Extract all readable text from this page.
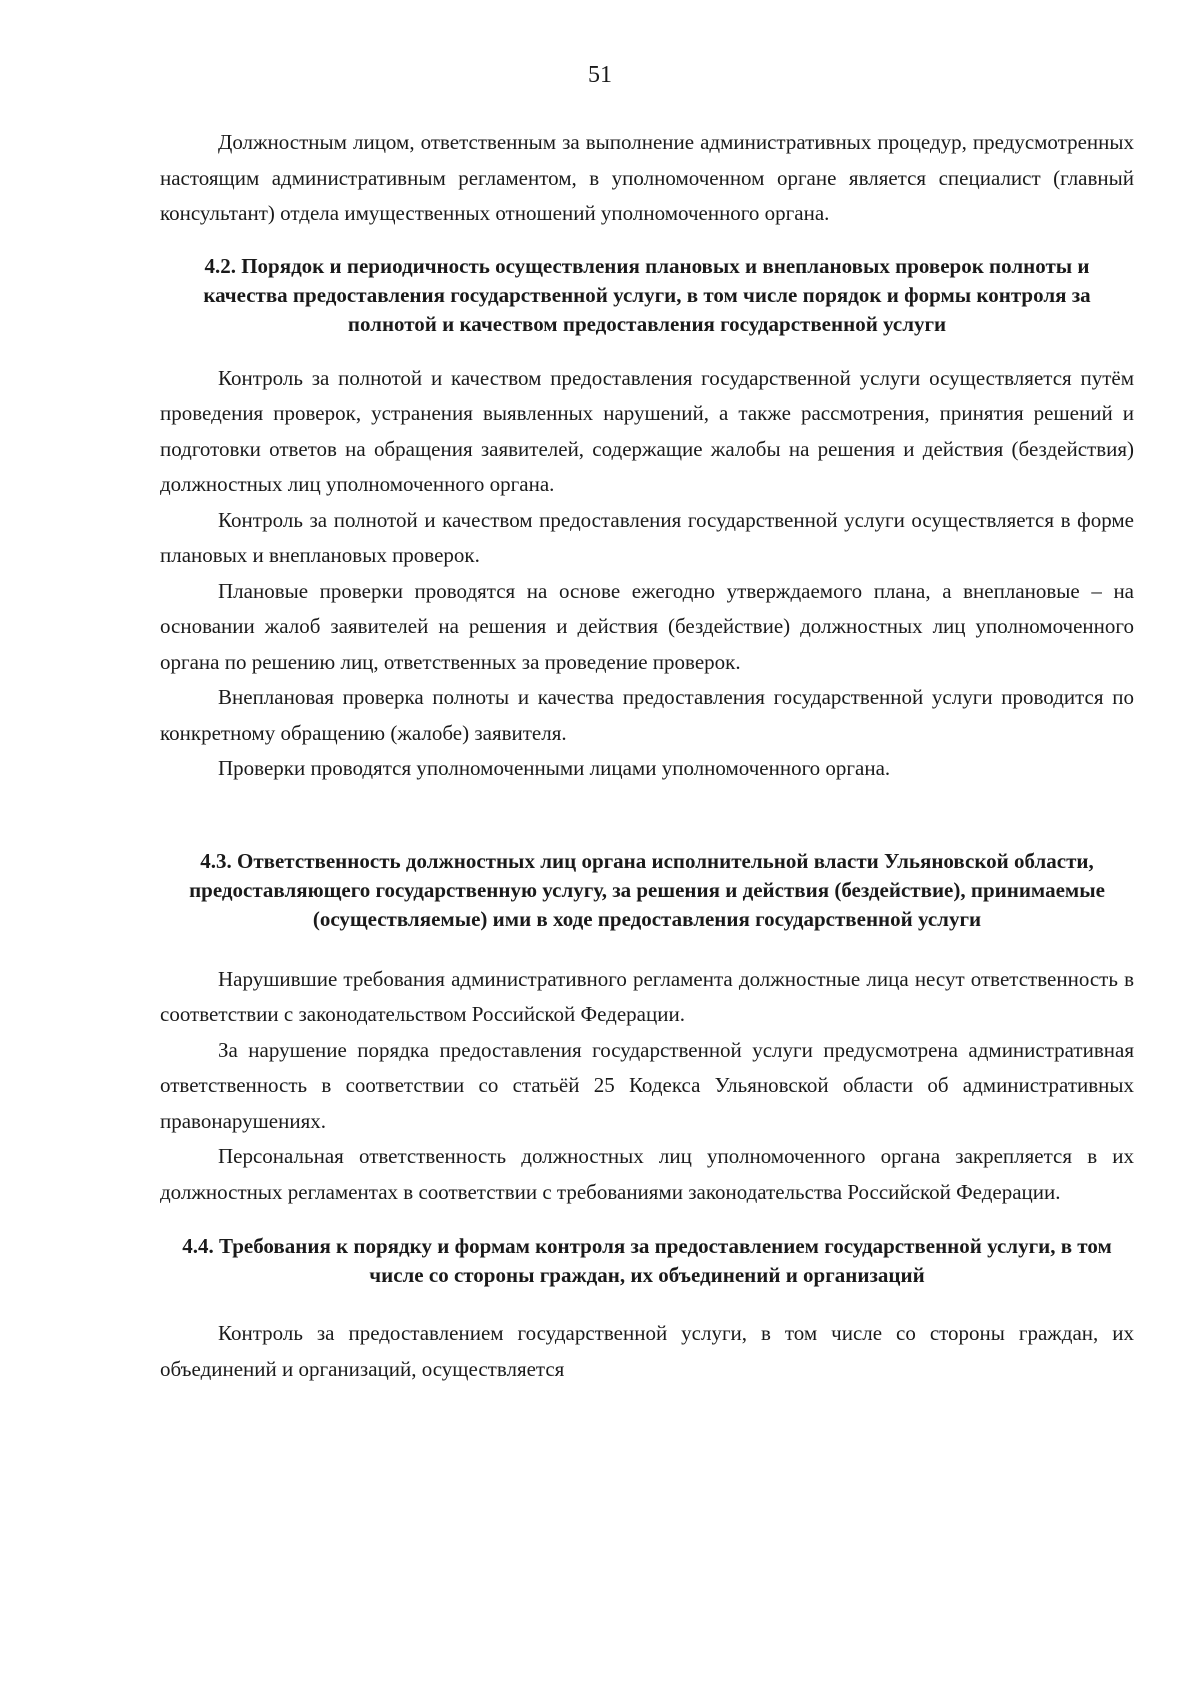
51

Должностным лицом, ответственным за выполнение административных процедур, предусмотренных настоящим административным регламентом, в уполномоченном органе является специалист (главный консультант) отдела имущественных отношений уполномоченного органа.

4.2. Порядок и периодичность осуществления плановых и внеплановых проверок полноты и качества предоставления государственной услуги, в том числе порядок и формы контроля за полнотой и качеством предоставления государственной услуги

Контроль за полнотой и качеством предоставления государственной услуги осуществляется путём проведения проверок, устранения выявленных нарушений, а также рассмотрения, принятия решений и подготовки ответов на обращения заявителей, содержащие жалобы на решения и действия (бездействия) должностных лиц уполномоченного органа.

Контроль за полнотой и качеством предоставления государственной услуги осуществляется в форме плановых и внеплановых проверок.

Плановые проверки проводятся на основе ежегодно утверждаемого плана, а внеплановые – на основании жалоб заявителей на решения и действия (бездействие) должностных лиц уполномоченного органа по решению лиц, ответственных за проведение проверок.

Внеплановая проверка полноты и качества предоставления государственной услуги проводится по конкретному обращению (жалобе) заявителя.

Проверки проводятся уполномоченными лицами уполномоченного органа.

4.3. Ответственность должностных лиц органа исполнительной власти Ульяновской области, предоставляющего государственную услугу, за решения и действия (бездействие), принимаемые (осуществляемые) ими в ходе предоставления государственной услуги

Нарушившие требования административного регламента должностные лица несут ответственность в соответствии с законодательством Российской Федерации.

За нарушение порядка предоставления государственной услуги предусмотрена административная ответственность в соответствии со статьёй 25 Кодекса Ульяновской области об административных правонарушениях.

Персональная ответственность должностных лиц уполномоченного органа закрепляется в их должностных регламентах в соответствии с требованиями законодательства Российской Федерации.

4.4. Требования к порядку и формам контроля за предоставлением государственной услуги, в том числе со стороны граждан, их объединений и организаций

Контроль за предоставлением государственной услуги, в том числе со стороны граждан, их объединений и организаций, осуществляется
